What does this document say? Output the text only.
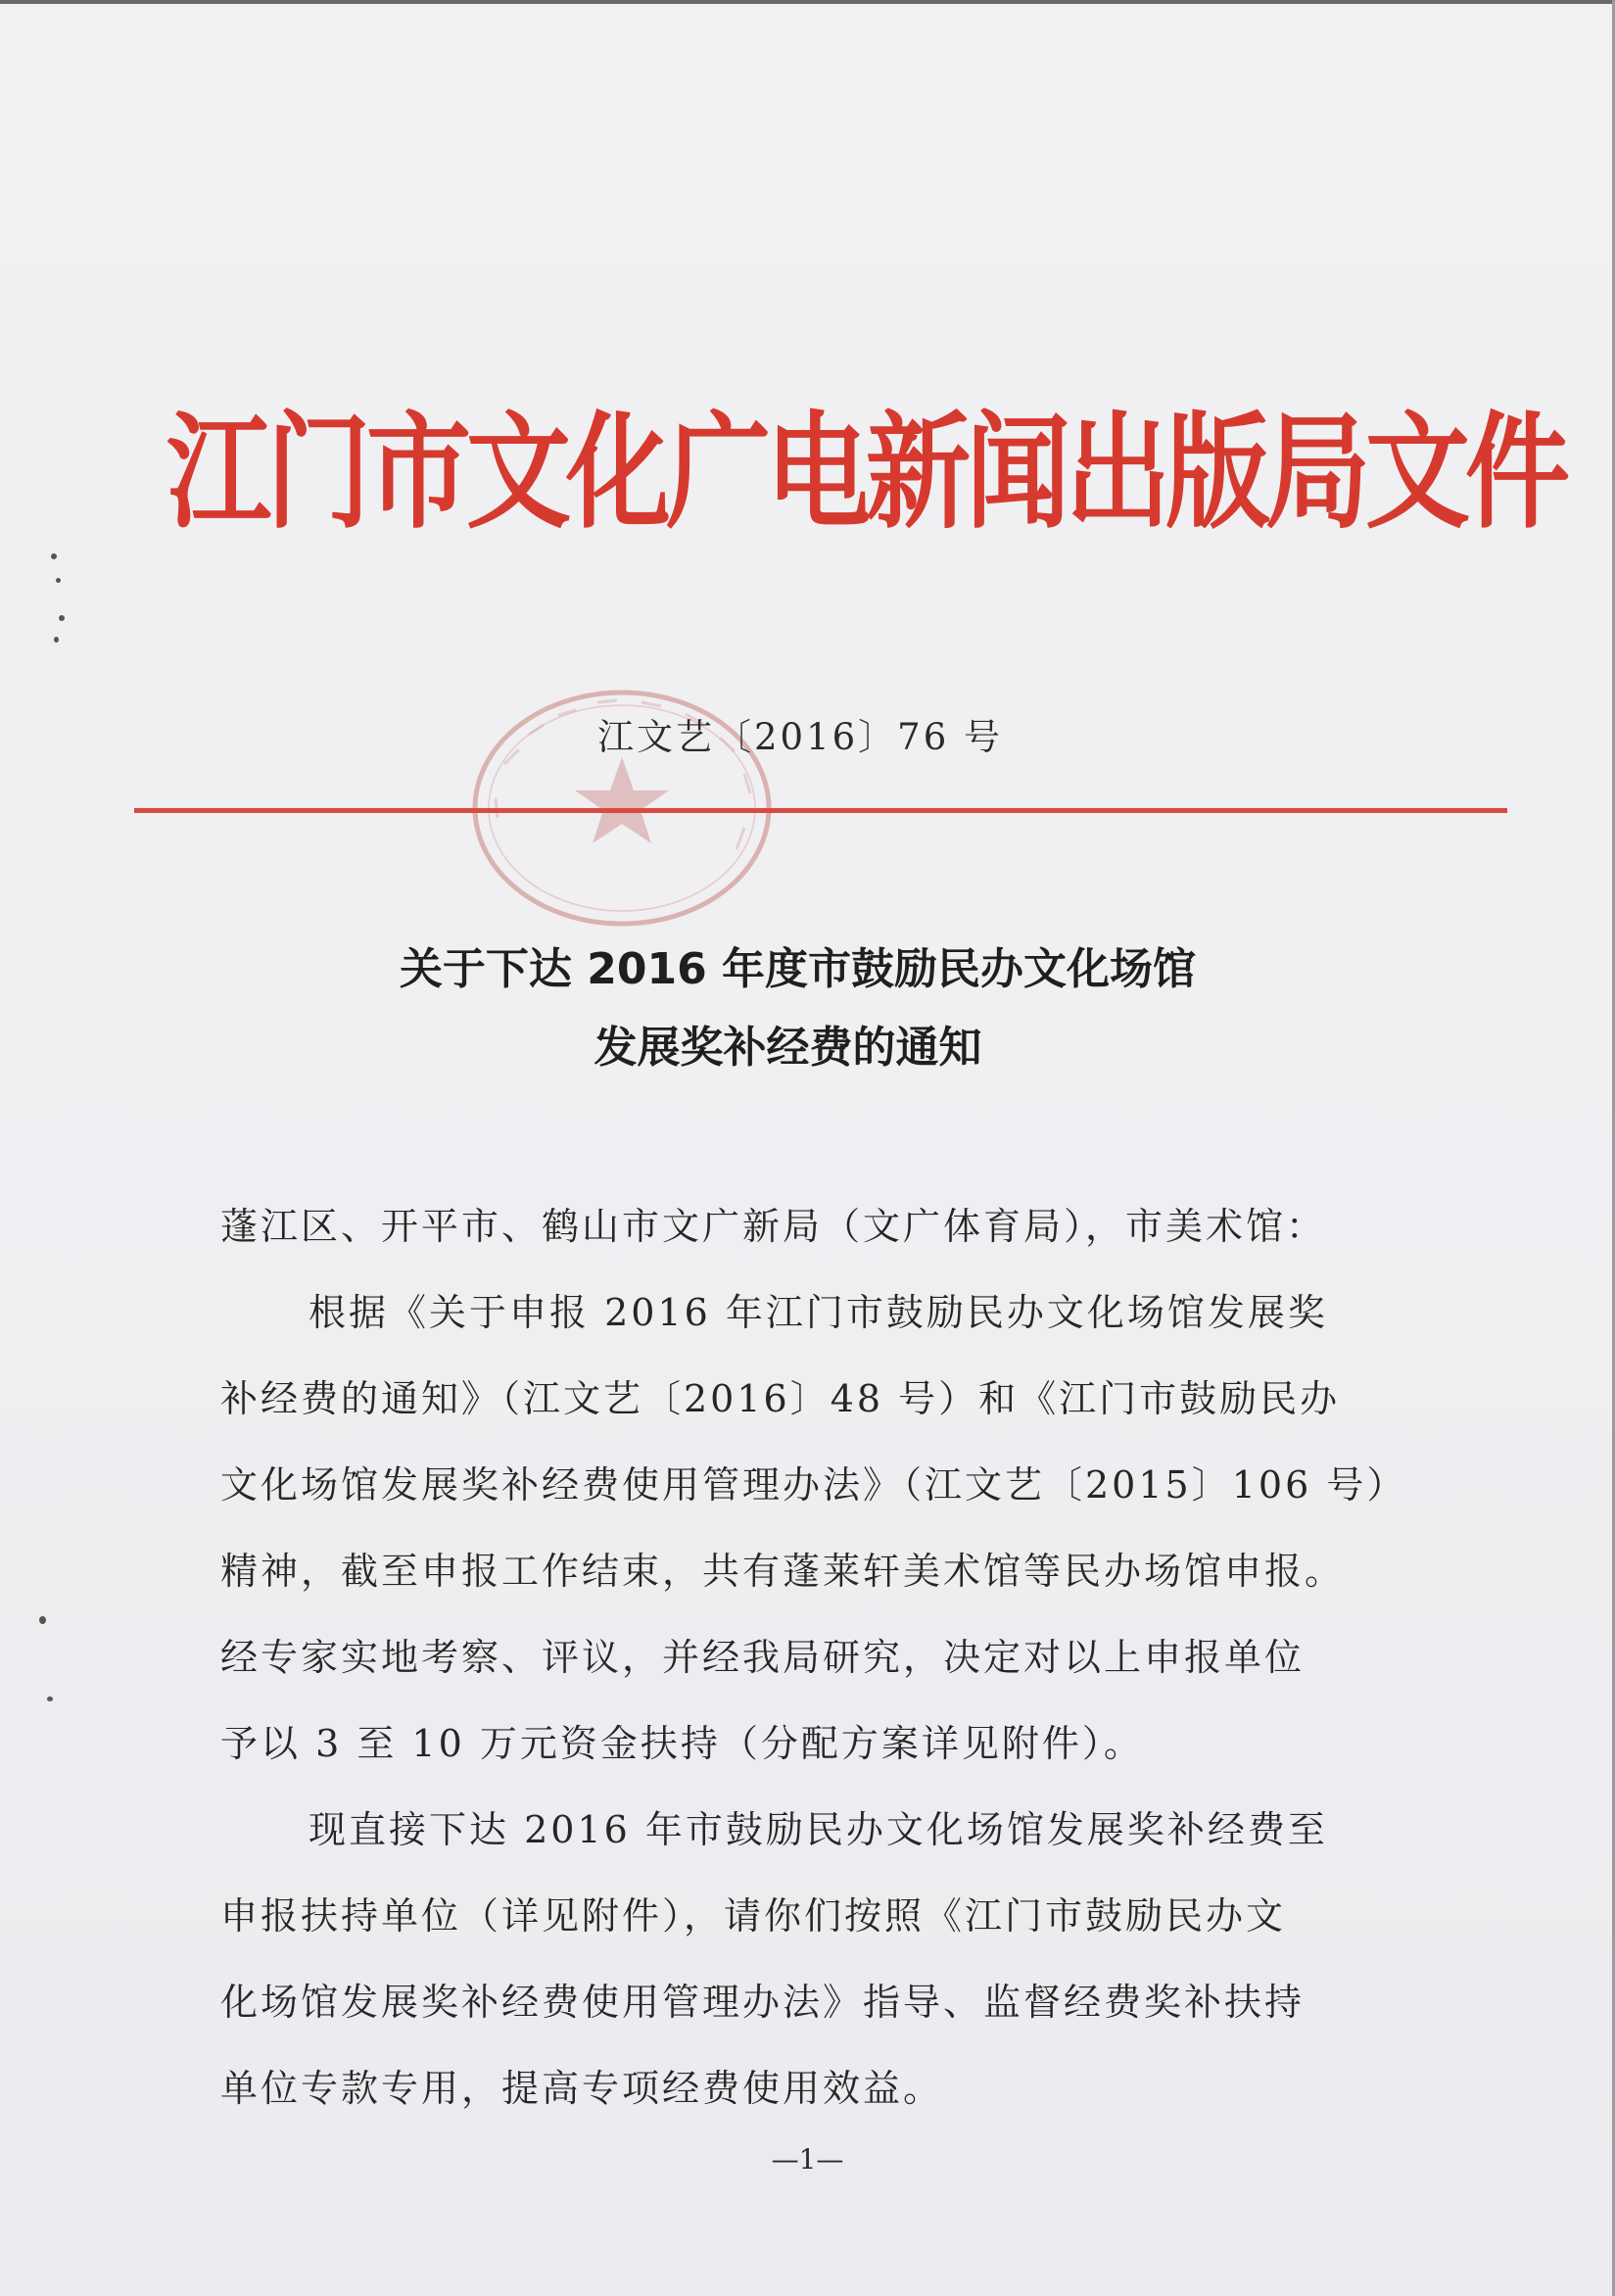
江门市文化广电新闻出版局文件
江文艺〔2016〕76 号
关于下达 2016 年度市鼓励民办文化场馆
发展奖补经费的通知
蓬江区、开平市、鹤山市文广新局（文广体育局），市美术馆：
根据《关于申报 2016 年江门市鼓励民办文化场馆发展奖
补经费的通知》（江文艺〔2016〕48 号）和《江门市鼓励民办
文化场馆发展奖补经费使用管理办法》（江文艺〔2015〕106 号）
精神，截至申报工作结束，共有蓬莱轩美术馆等民办场馆申报。
经专家实地考察、评议，并经我局研究，决定对以上申报单位
予以 3 至 10 万元资金扶持（分配方案详见附件）。
现直接下达 2016 年市鼓励民办文化场馆发展奖补经费至
申报扶持单位（详见附件），请你们按照《江门市鼓励民办文
化场馆发展奖补经费使用管理办法》指导、监督经费奖补扶持
单位专款专用，提高专项经费使用效益。
—1—
